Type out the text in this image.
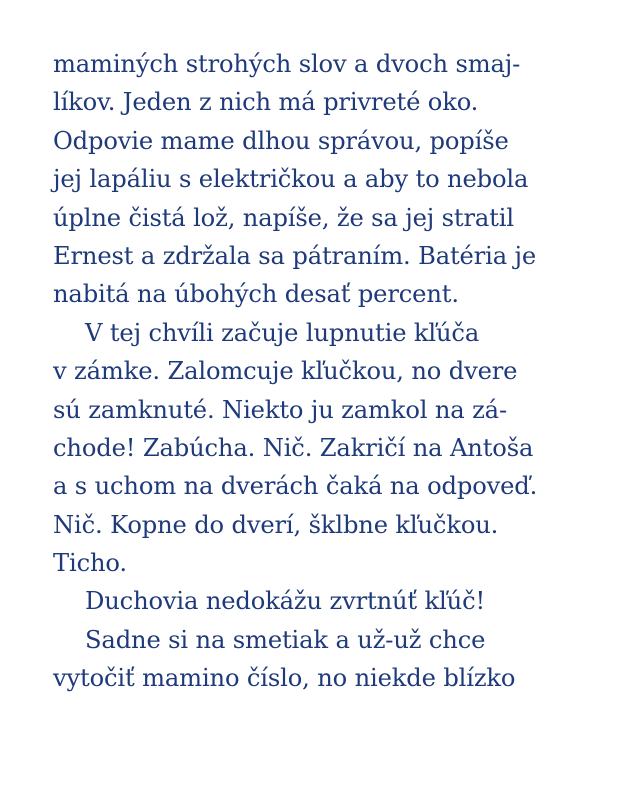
maminých strohých slov a dvoch smaj-
líkov. Jeden z nich má privreté oko.
Odpovie mame dlhou správou, popíše
jej lapáliu s električkou a aby to nebola
úplne čistá lož, napíše, že sa jej stratil
Ernest a zdržala sa pátraním. Batéria je
nabitá na úbohých desať percent.
V tej chvíli začuje lupnutie kľúča
v zámke. Zalomcuje kľučkou, no dvere
sú zamknuté. Niekto ju zamkol na zá-
chode! Zabúcha. Nič. Zakričí na Antoša
a s uchom na dverách čaká na odpoveď.
Nič. Kopne do dverí, šklbne kľučkou.
Ticho.
Duchovia nedokážu zvrtnúť kľúč!
Sadne si na smetiak a už-už chce
vytočiť mamino číslo, no niekde blízko
